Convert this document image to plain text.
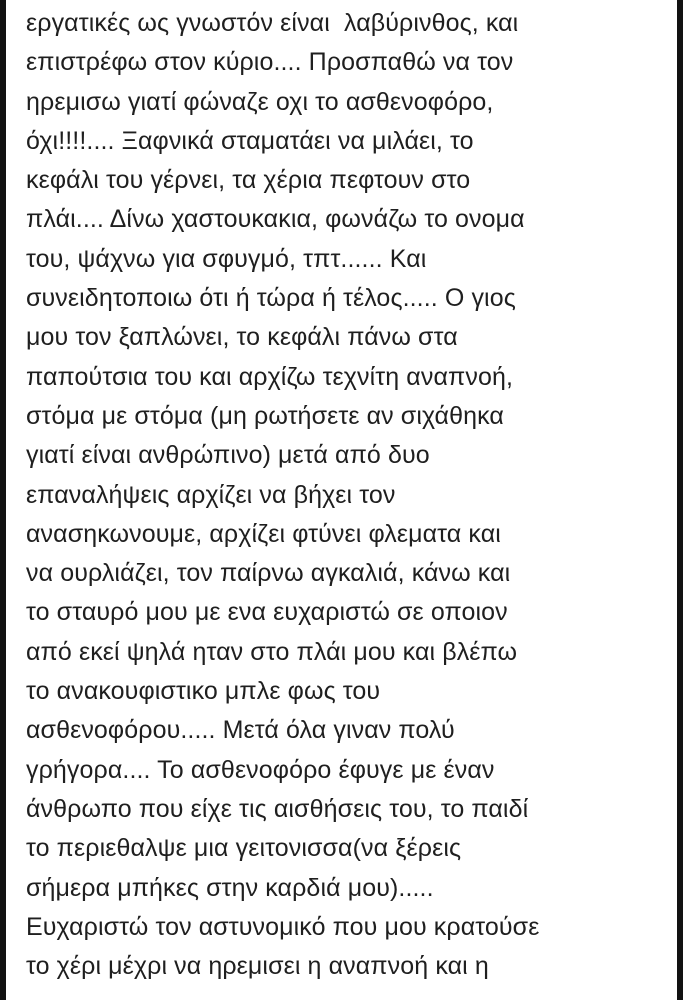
εργατικές ως γνωστόν είναι  λαβύρινθος, και
επιστρέφω στον κύριο.... Προσπαθώ να τον
ηρεμισω γιατί φώναζε οχι το ασθενοφόρο,
όχι!!!!.... Ξαφνικά σταματάει να μιλάει, το
κεφάλι του γέρνει, τα χέρια πεφτουν στο
πλάι.... Δίνω χαστουκακια, φωνάζω το ονομα
του, ψάχνω για σφυγμό, τπτ...... Και
συνειδητοποιω ότι ή τώρα ή τέλος..... Ο γιος
μου τον ξαπλώνει, το κεφάλι πάνω στα
παπούτσια του και αρχίζω τεχνίτη αναπνοή,
στόμα με στόμα (μη ρωτήσετε αν σιχάθηκα
γιατί είναι ανθρώπινο) μετά από δυο
επαναλήψεις αρχίζει να βήχει τον
ανασηκωνουμε, αρχίζει φτύνει φλεματα και
να ουρλιάζει, τον παίρνω αγκαλιά, κάνω και
το σταυρό μου με ενα ευχαριστώ σε οποιον
από εκεί ψηλά ηταν στο πλάι μου και βλέπω
το ανακουφιστικο μπλε φως του
ασθενοφόρου..... Μετά όλα γιναν πολύ
γρήγορα.... Το ασθενοφόρο έφυγε με έναν
άνθρωπο που είχε τις αισθήσεις του, το παιδί
το περιεθαλψε μια γειτονισσα(να ξέρεις
σήμερα μπήκες στην καρδιά μου).....
Ευχαριστώ τον αστυνομικό που μου κρατούσε
το χέρι μέχρι να ηρεμισει η αναπνοή και η
